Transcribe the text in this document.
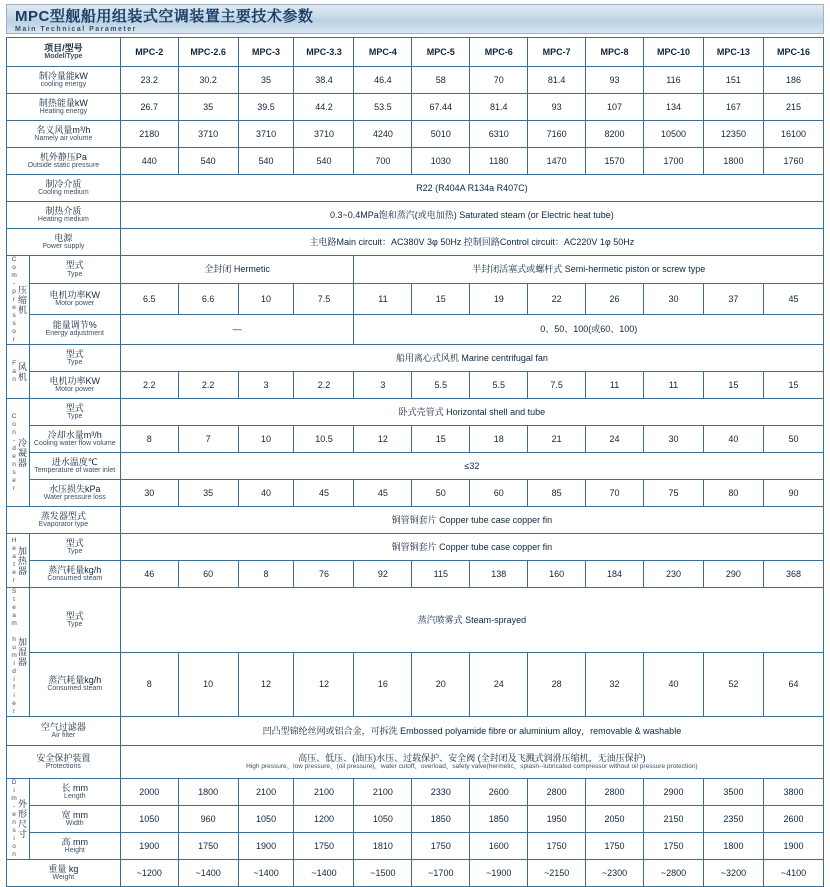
MPC型舰船用组装式空调装置主要技术参数
Main Technical Parameter
项目/型号
Model/Type		MPC-2	MPC-2.6	MPC-3	MPC-3.3	MPC-4	MPC-5	MPC-6	MPC-7	MPC-8	MPC-10	MPC-13	MPC-16

制冷量能kW
cooling energy		23.2	30.2	35	38.4	46.4	58	70	81.4	93	116	151	186

制热能量kW
Heating energy		26.7	35	39.5	44.2	53.5	67.44	81.4	93	107	134	167	215

名义风量m³/h
Namely air volume		2180	3710	3710	3710	4240	5010	6310	7160	8200	10500	12350	16100

机外静压Pa
Outside static pressure		440	540	540	540	700	1030	1180	1470	1570	1700	1800	1760

制冷介质
Cooling medium		R22 (R404A R134a R407C)											

制热介质
Heating medium		0.3~0.4MPa饱和蒸汽(或电加热) Saturated steam (or Electric heat tube)											

电源
Power supply		主电路Main circuit：AC380V 3φ 50Hz 控制回路Control circuit：AC220V 1φ 50Hz											

压缩机
Com-pressor	型式
Type	全封闭 Hermetic				半封闭活塞式或螺杆式 Semi-hermetic piston or screw type							

	电机功率KW
Motor power	6.5	6.6	10	7.5	11	15	19	22	26	30	37	45

	能量调节%
Energy adjustment	—				0、50、100(或60、100)							

风机
Fan	型式
Type	船用离心式风机 Marine centrifugal fan											

	电机功率KW
Motor power	2.2	2.2	3	2.2	3	5.5	5.5	7.5	11	11	15	15

冷凝器
Con-denser	型式
Type	卧式壳管式 Horizontal shell and tube											

	冷却水量m³/h
Cooling water flow volume	8	7	10	10.5	12	15	18	21	24	30	40	50

	进水温度℃
Temperature of water inlet	≤32											

	水压损失kPa
Water pressure loss	30	35	40	45	45	50	60	85	70	75	80	90

蒸发器型式
Evaporator type		铜管铜套片 Copper tube case copper fin											

加热器
Heater	型式
Type	铜管铜套片 Copper tube case copper fin											

	蒸汽耗量kg/h
Consumed steam	46	60	8	76	92	115	138	160	184	230	290	368

加湿器
Steam humidifier	型式
Type	蒸汽喷雾式 Steam-sprayed											

	蒸汽耗量kg/h
Consumed steam	8	10	12	12	16	20	24	28	32	40	52	64

空气过滤器
Air filter		凹凸型锦纶丝网或铝合金，可拆洗 Embossed polyamide fibre or aluminium alloy，removable & washable											

安全保护装置
Protections		高压、低压、(油压)水压、过载保护、安全阀 (全封闭及飞溅式润滑压缩机，无油压保护)
High pressure、low pressure、(oil pressure)、water cutoff、overload、safety valve(hermetic、splash--lubricated compressor without oil pressure protection)											

外形尺寸
Dim-ension	长 mm
Length	2000	1800	2100	2100	2100	2330	2600	2800	2800	2900	3500	3800

	宽 mm
Width	1050	960	1050	1200	1050	1850	1850	1950	2050	2150	2350	2600

	高 mm
Height	1900	1750	1900	1750	1810	1750	1600	1750	1750	1750	1800	1900

重量 kg
Weight		~1200	~1400	~1400	~1400	~1500	~1700	~1900	~2150	~2300	~2800	~3200	~4100
